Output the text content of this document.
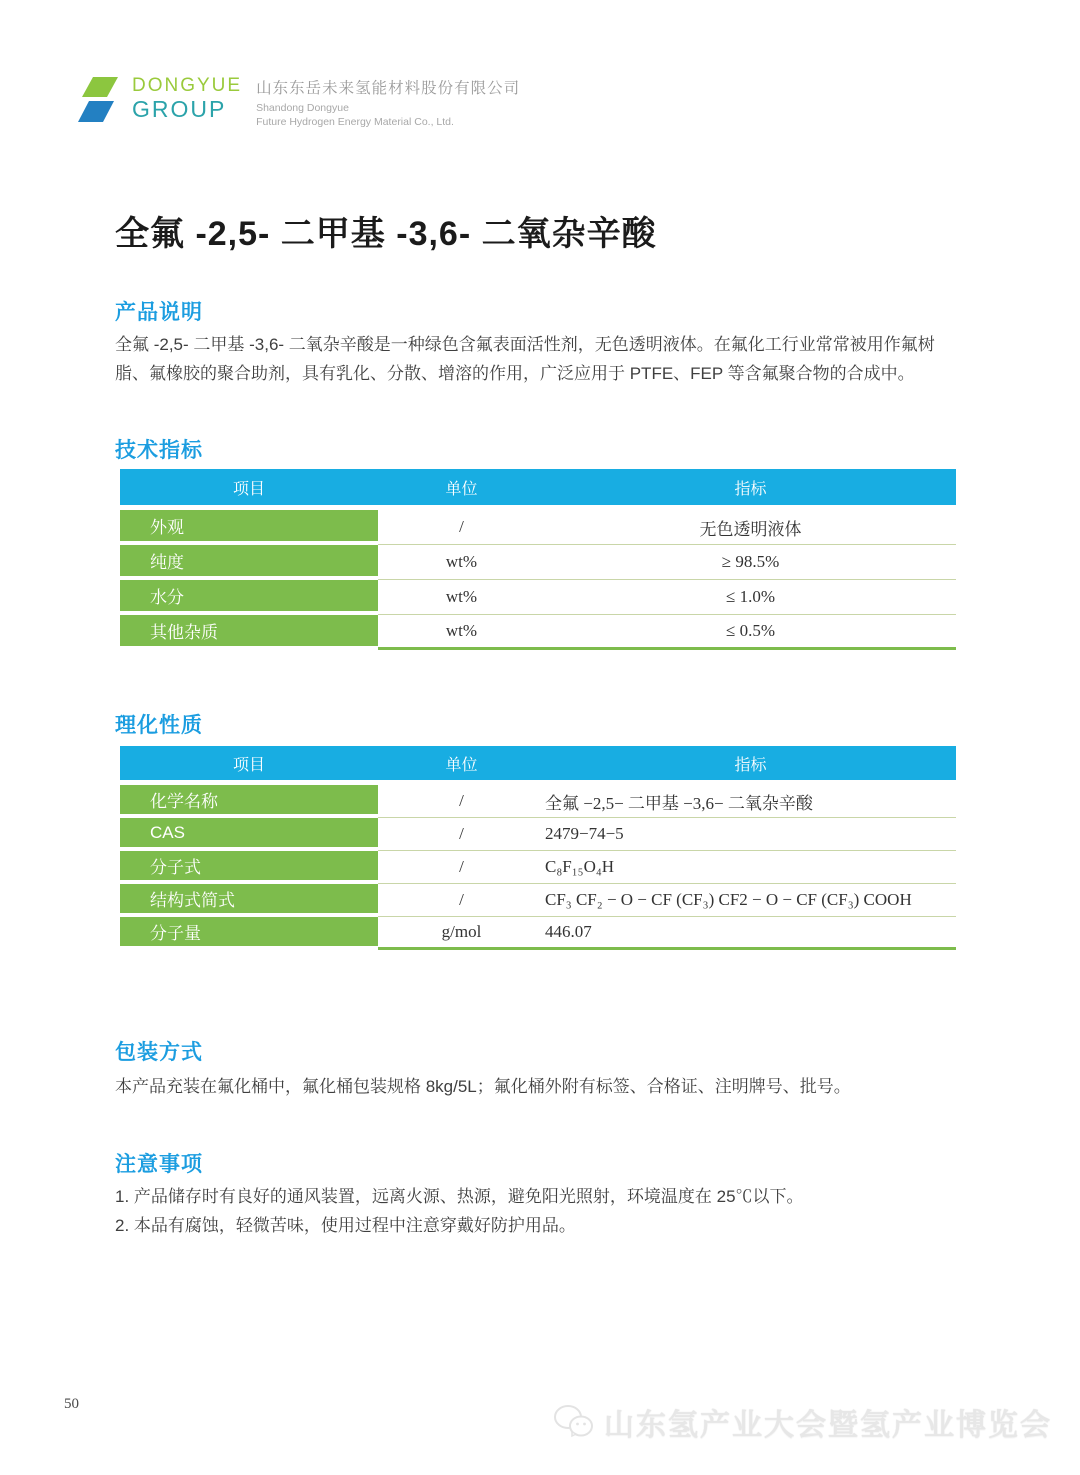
DONGYUE
GROUP
山东东岳未来氢能材料股份有限公司
Shandong Dongyue
Future Hydrogen Energy Material Co., Ltd.
全氟 -2,5- 二甲基 -3,6- 二氧杂辛酸
产品说明

全氟 -2,5- 二甲基 -3,6- 二氧杂辛酸是一种绿色含氟表面活性剂，无色透明液体。在氟化工行业常常被用作氟树脂、氟橡胶的聚合助剂，具有乳化、分散、增溶的作用，广泛应用于 PTFE、FEP 等含氟聚合物的合成中。

技术指标
项目	单位	指标
外观	/	无色透明液体
纯度	wt%	≥ 98.5%
水分	wt%	≤ 1.0%
其他杂质	wt%	≤ 0.5%
理化性质
项目	单位	指标
化学名称	/	全氟 −2,5− 二甲基 −3,6− 二氧杂辛酸
CAS	/	2479−74−5
分子式	/	C₈F₁₅O₄H
结构式简式	/	CF₃ CF₂ − O − CF (CF₃) CF2 − O − CF (CF₃) COOH
分子量	g/mol	446.07
包装方式

本产品充装在氟化桶中，氟化桶包装规格 8kg/5L；氟化桶外附有标签、合格证、注明牌号、批号。

注意事项
1. 产品储存时有良好的通风装置，远离火源、热源，避免阳光照射，环境温度在 25℃以下。
2. 本品有腐蚀，轻微苦味，使用过程中注意穿戴好防护用品。
50
山东氢产业大会暨氢产业博览会
